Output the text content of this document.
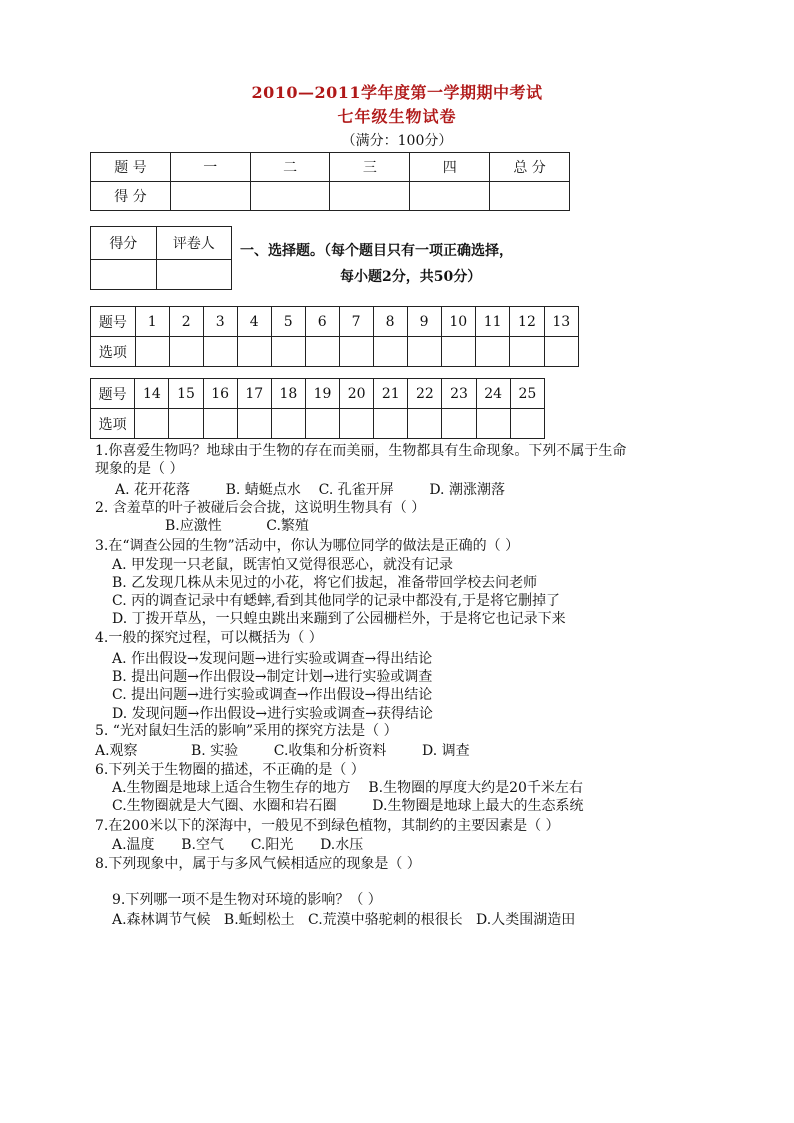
2010—2011学年度第一学期期中考试
七年级生物试卷
（满分：100分）
题 号	一	二	三	四	总 分
得 分					
得分	评卷人
	一、选择题。（每个题目只有一项正确选择，
每小题2分，共50分）
题号	1	2	3	4	5	6	7	8	9	10	11	12	13
选项													
题号	14	15	16	17	18	19	20	21	22	23	24	25
选项												
1.你喜爱生物吗？地球由于生物的存在而美丽，生物都具有生命现象。下列不属于生命
现象的是（ ）
A. 花开花落        B. 蜻蜓点水    C. 孔雀开屏        D. 潮涨潮落
2. 含羞草的叶子被碰后会合拢，这说明生物具有（ ）
B.应激性          C.繁殖
3.在“调查公园的生物”活动中，你认为哪位同学的做法是正确的（ ）
A. 甲发现一只老鼠，既害怕又觉得很恶心，就没有记录
B. 乙发现几株从未见过的小花，将它们拔起，准备带回学校去问老师
C. 丙的调查记录中有蟋蟀,看到其他同学的记录中都没有,于是将它删掉了
D. 丁拨开草丛，一只蝗虫跳出来蹦到了公园栅栏外，于是将它也记录下来
4.一般的探究过程，可以概括为（ ）
A. 作出假设→发现问题→进行实验或调查→得出结论
B. 提出问题→作出假设→制定计划→进行实验或调查
C. 提出问题→进行实验或调查→作出假设→得出结论
D. 发现问题→作出假设→进行实验或调查→获得结论
5. “光对鼠妇生活的影响”采用的探究方法是（ ）
A.观察            B. 实验        C.收集和分析资料        D. 调查
6.下列关于生物圈的描述，不正确的是（ ）
A.生物圈是地球上适合生物生存的地方    B.生物圈的厚度大约是20千米左右
C.生物圈就是大气圈、水圈和岩石圈        D.生物圈是地球上最大的生态系统
7.在200米以下的深海中，一般见不到绿色植物，其制约的主要因素是（ ）
A.温度      B.空气      C.阳光      D.水压
8.下列现象中，属于与多风气候相适应的现象是（ ）
9.下列哪一项不是生物对环境的影响？（ ）
A.森林调节气候   B.蚯蚓松土   C.荒漠中骆驼刺的根很长   D.人类围湖造田
